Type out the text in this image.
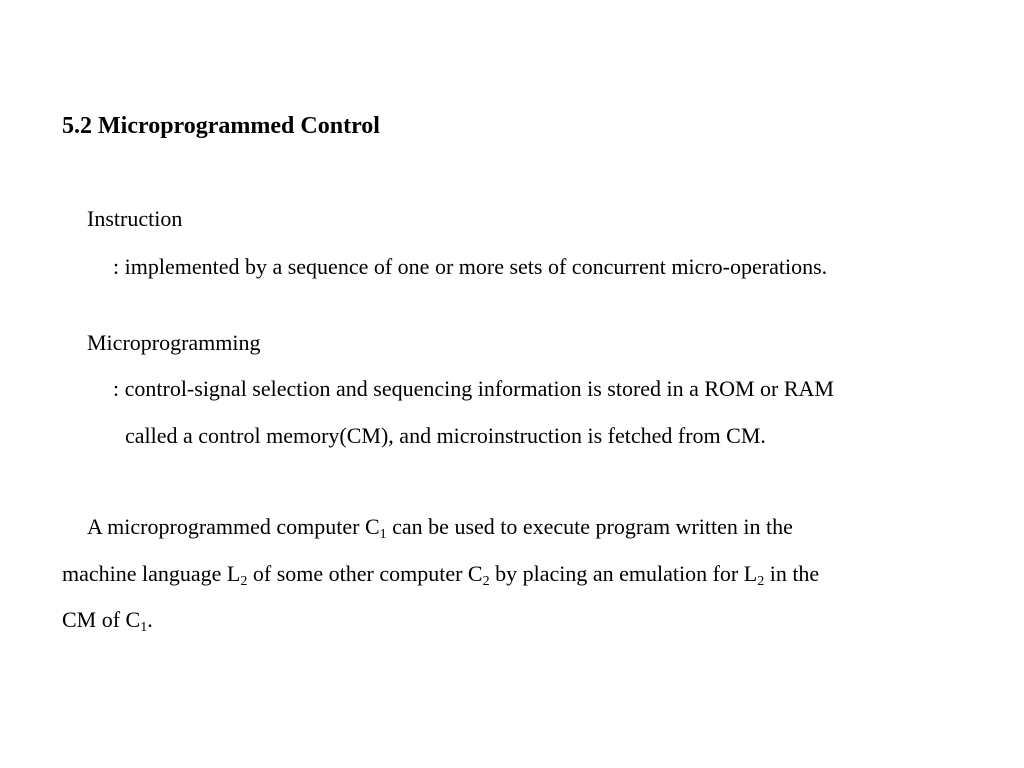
5.2 Microprogrammed Control
Instruction
: implemented by a sequence of one or more sets of concurrent micro-operations.
Microprogramming
: control-signal selection and sequencing information is stored in a ROM or RAM
called a control memory(CM), and microinstruction is fetched from CM.
A microprogrammed computer $C_1$ can be used to execute program written in the
machine language $L_2$ of some other computer $C_2$ by placing an emulation for $L_2$ in the
CM of $C_1$.
